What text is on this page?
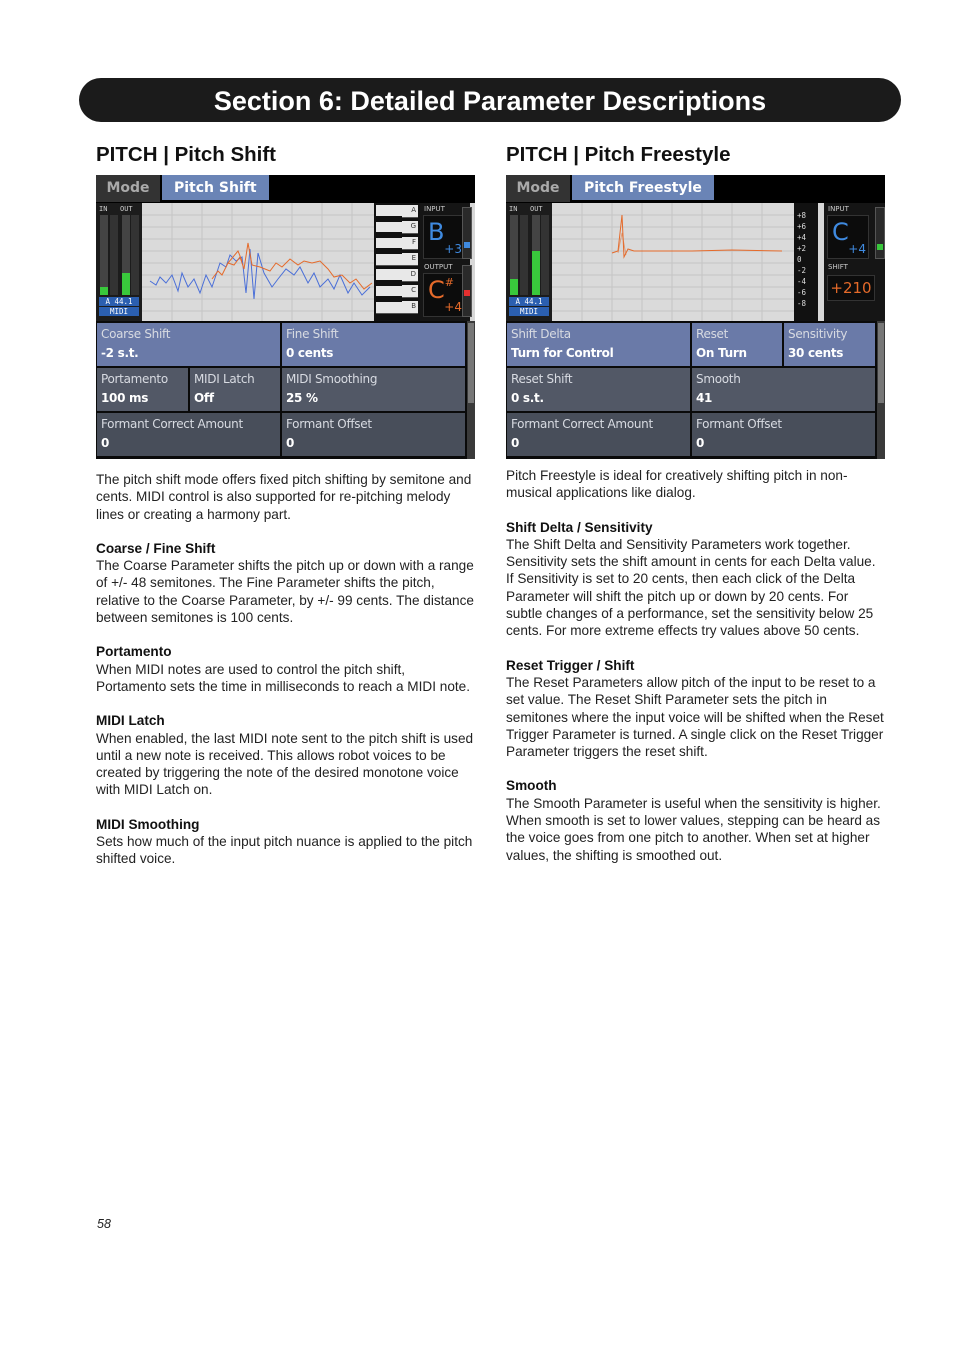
Section 6: Detailed Parameter Descriptions
PITCH | Pitch Shift
Mode	Pitch Shift
IN OUT
A 44.1
MIDI
A
G
F
E
D
C
B
INPUT
B
+3
OUTPUT
C#
+4
Coarse Shift
-2 s.t.
Fine Shift
0 cents
Portamento
100 ms
MIDI Latch
Off
MIDI Smoothing
25 %
Formant Correct Amount
0
Formant Offset
0

The pitch shift mode offers fixed pitch shifting by semitone and cents. MIDI control is also supported for re-pitching melody lines or creating a harmony part.

Coarse / Fine Shift
The Coarse Parameter shifts the pitch up or down with a range of +/- 48 semitones. The Fine Parameter shifts the pitch, relative to the Coarse Parameter, by +/- 99 cents. The distance between semitones is 100 cents.

Portamento
When MIDI notes are used to control the pitch shift, Portamento sets the time in milliseconds to reach a MIDI note.

MIDI Latch
When enabled, the last MIDI note sent to the pitch shift is used until a new note is received. This allows robot voices to be created by triggering the note of the desired monotone voice with MIDI Latch on.

MIDI Smoothing
Sets how much of the input pitch nuance is applied to the pitch shifted voice.

PITCH | Pitch Freestyle
Mode	Pitch Freestyle
IN OUT
A 44.1
MIDI
+8
+6
+4
+2
0
-2
-4
-6
-8
INPUT
C
+4
SHIFT
+210
Shift Delta
Turn for Control
Reset
On Turn
Sensitivity
30 cents
Reset Shift
0 s.t.
Smooth
41
Formant Correct Amount
0
Formant Offset
0

Pitch Freestyle is ideal for creatively shifting pitch in non-musical applications like dialog.

Shift Delta / Sensitivity
The Shift Delta and Sensitivity Parameters work together. Sensitivity sets the shift amount in cents for each Delta value. If Sensitivity is set to 20 cents, then each click of the Delta Parameter will shift the pitch up or down by 20 cents. For subtle changes of a performance, set the sensitivity below 25 cents. For more extreme effects try values above 50 cents.

Reset Trigger / Shift
The Reset Parameters allow pitch of the input to be reset to a set value. The Reset Shift Parameter sets the pitch in semitones where the input voice will be shifted when the Reset Trigger Parameter is turned. A single click on the Reset Trigger Parameter triggers the reset shift.

Smooth
The Smooth Parameter is useful when the sensitivity is higher. When smooth is set to lower values, stepping can be heard as the voice goes from one pitch to another. When set at higher values, the shifting is smoothed out.

58
